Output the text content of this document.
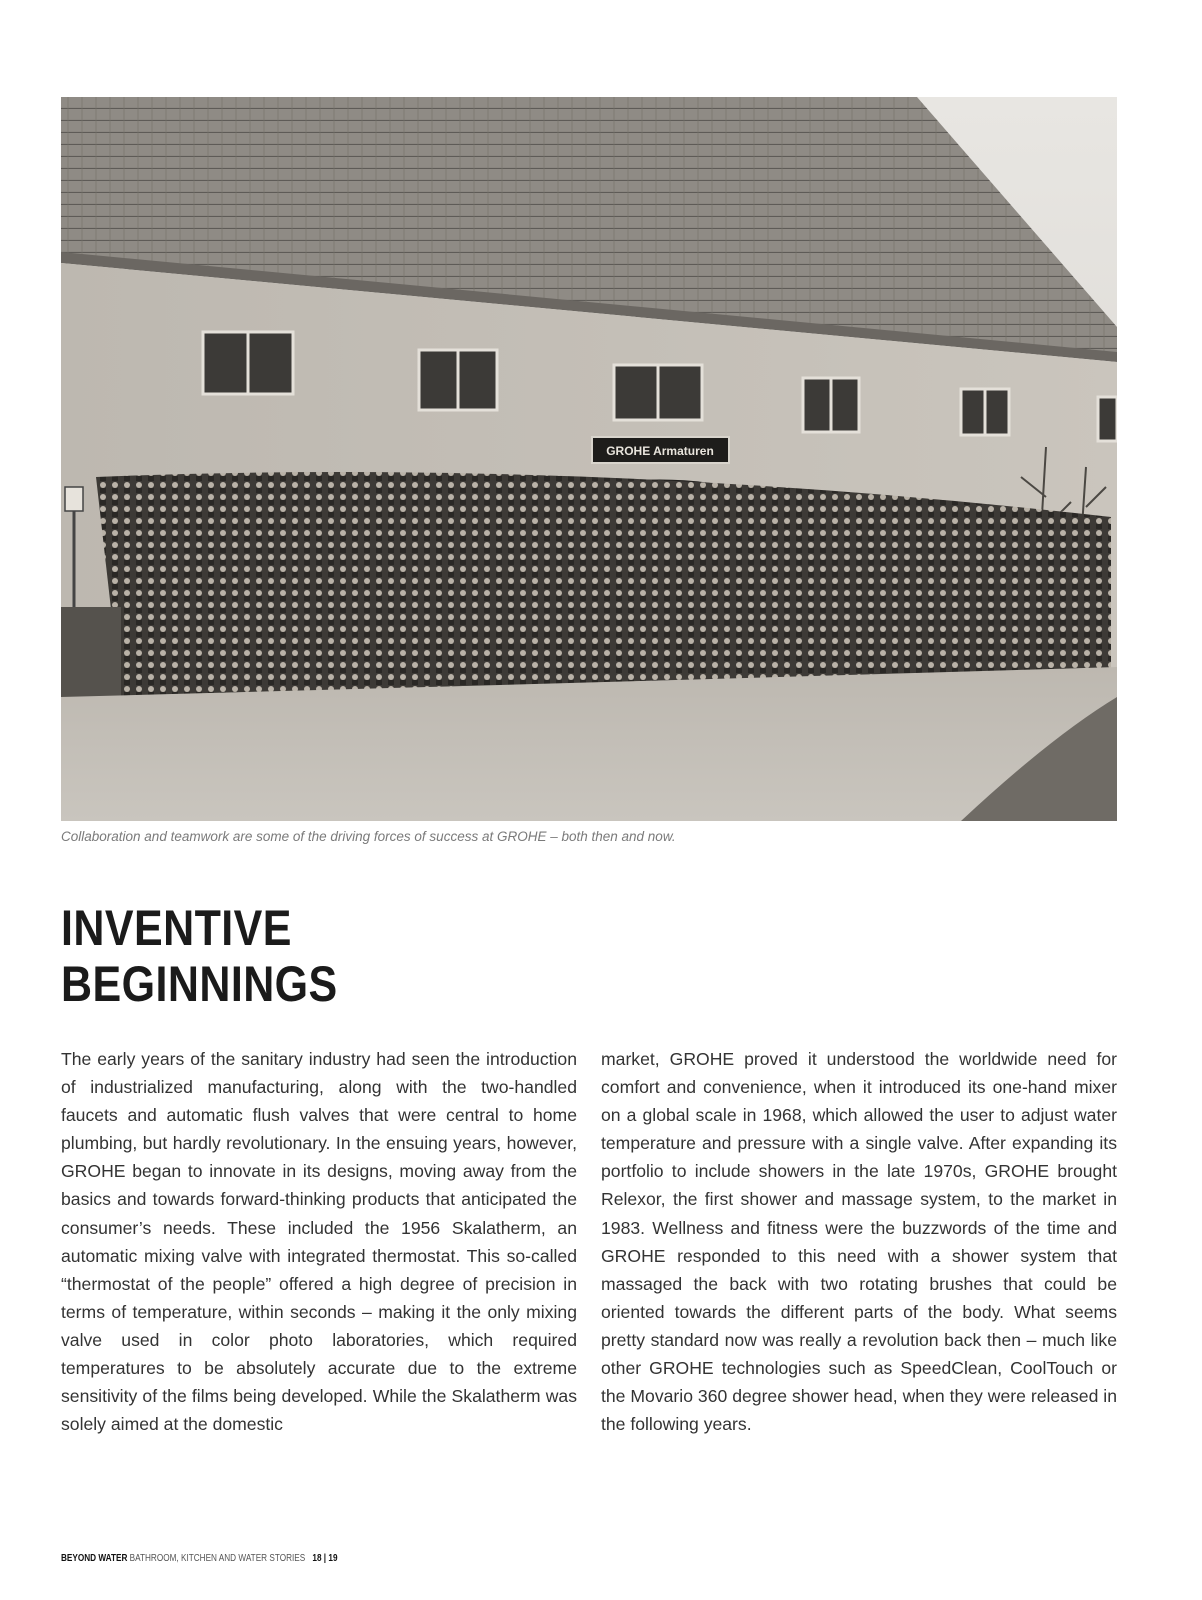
GROHE Armaturen
Collaboration and teamwork are some of the driving forces of success at GROHE – both then and now.
INVENTIVE
BEGINNINGS

The early years of the sanitary industry had seen the introduction of industrialized manufacturing, along with the two-handled faucets and automatic flush valves that were central to home plumbing, but hardly revolutionary. In the ensuing years, however, GROHE began to innovate in its designs, moving away from the basics and towards forward-thinking products that anticipated the consumer’s needs. These included the 1956 Skalatherm, an automatic mixing valve with integrated thermostat. This so-called “thermostat of the people” offered a high degree of precision in terms of temperature, within seconds – making it the only mixing valve used in color photo laboratories, which required temperatures to be absolutely accurate due to the extreme sensitivity of the films being developed. While the Skalatherm was solely aimed at the domestic

market, GROHE proved it understood the worldwide need for comfort and convenience, when it introduced its one-hand mixer on a global scale in 1968, which allowed the user to adjust water temperature and pressure with a single valve. After expanding its portfolio to include showers in the late 1970s, GROHE brought Relexor, the first shower and massage system, to the market in 1983. Wellness and fitness were the buzzwords of the time and GROHE responded to this need with a shower system that massaged the back with two rotating brushes that could be oriented towards the different parts of the body. What seems pretty standard now was really a revolution back then – much like other GROHE technologies such as SpeedClean, CoolTouch or the Movario 360 degree shower head, when they were released in the following years.

BEYOND WATER BATHROOM, KITCHEN AND WATER STORIES 18 | 19
